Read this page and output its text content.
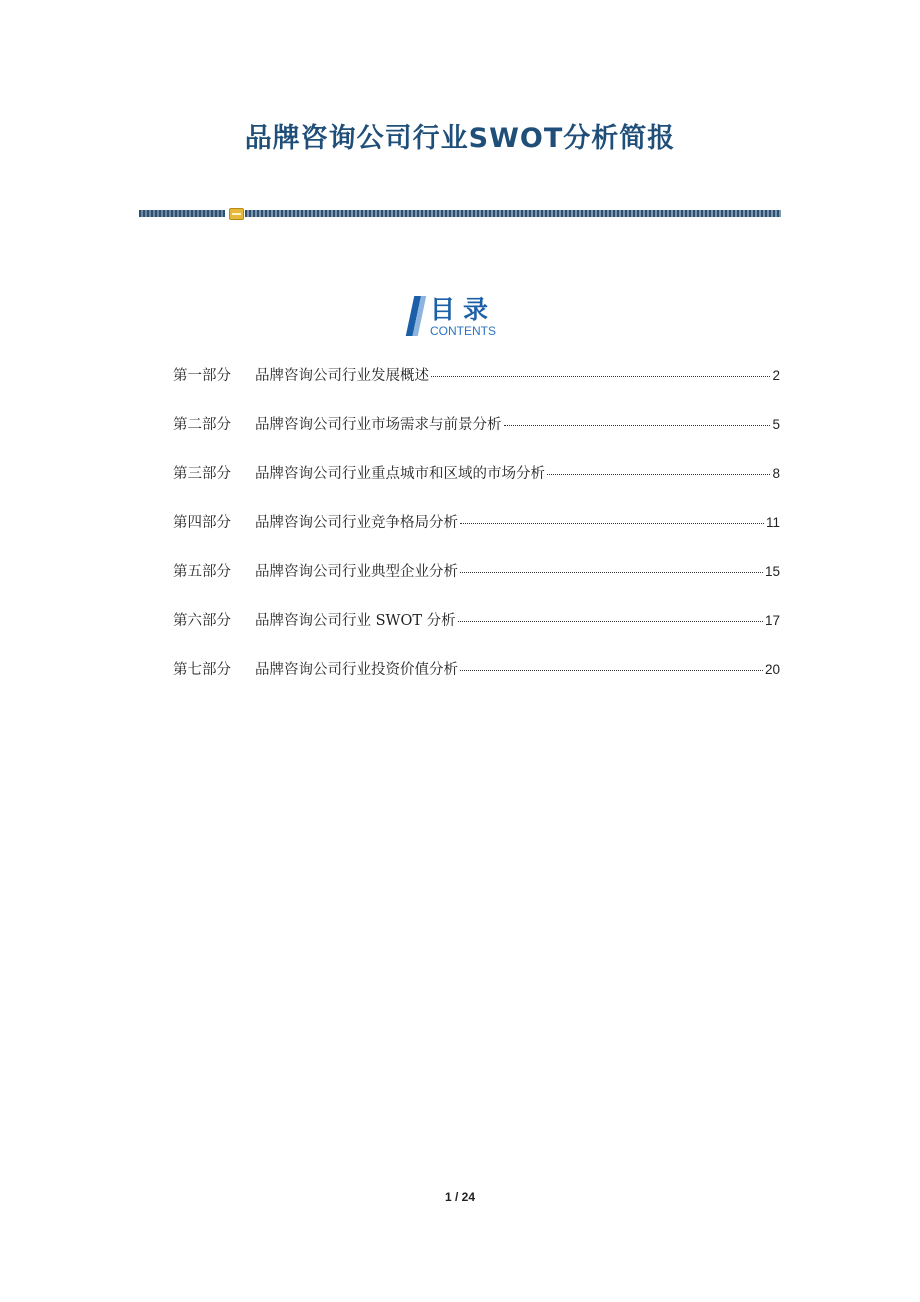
品牌咨询公司行业SWOT分析简报
目录
CONTENTS
第一部分	品牌咨询公司行业发展概述	2
第二部分	品牌咨询公司行业市场需求与前景分析	5
第三部分	品牌咨询公司行业重点城市和区域的市场分析	8
第四部分	品牌咨询公司行业竞争格局分析	11
第五部分	品牌咨询公司行业典型企业分析	15
第六部分	品牌咨询公司行业 SWOT 分析	17
第七部分	品牌咨询公司行业投资价值分析	20
1 / 24
